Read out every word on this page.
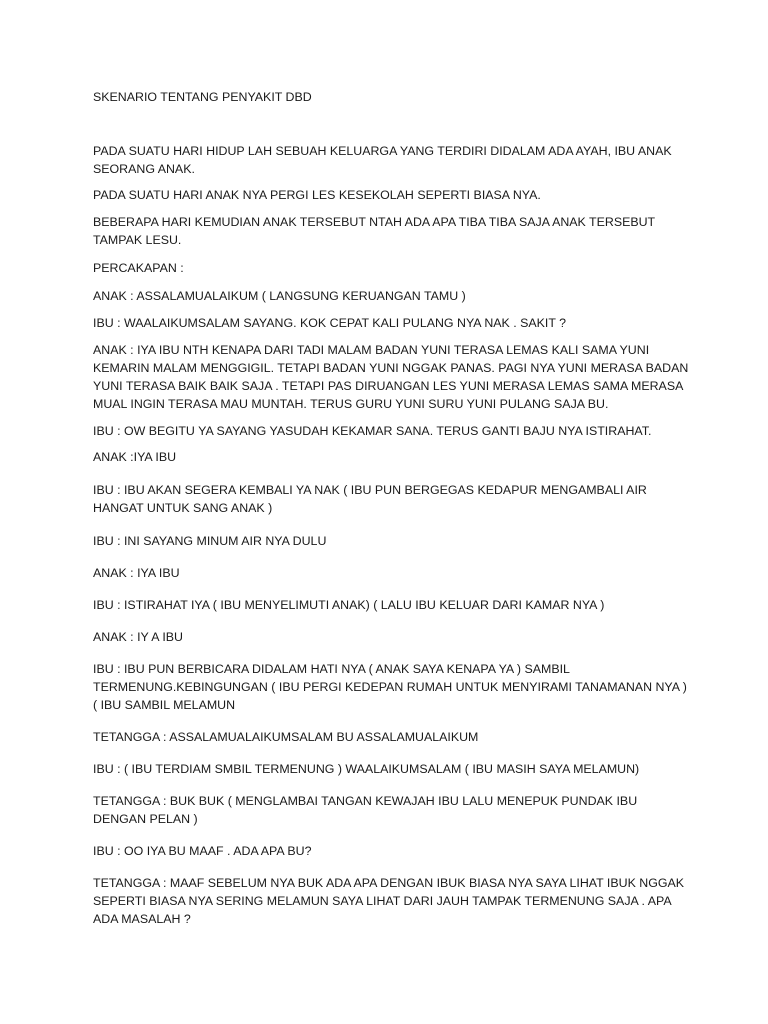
SKENARIO TENTANG PENYAKIT DBD

PADA SUATU HARI HIDUP LAH SEBUAH KELUARGA YANG TERDIRI DIDALAM ADA AYAH, IBU ANAK
SEORANG ANAK.

PADA SUATU HARI ANAK NYA PERGI LES KESEKOLAH SEPERTI BIASA NYA.

BEBERAPA HARI KEMUDIAN ANAK TERSEBUT NTAH ADA APA TIBA TIBA SAJA ANAK TERSEBUT
TAMPAK LESU.

PERCAKAPAN :

ANAK : ASSALAMUALAIKUM ( LANGSUNG KERUANGAN TAMU )

IBU : WAALAIKUMSALAM SAYANG. KOK CEPAT KALI PULANG NYA NAK . SAKIT ?

ANAK : IYA IBU NTH KENAPA DARI TADI MALAM BADAN YUNI TERASA LEMAS KALI SAMA YUNI
KEMARIN MALAM MENGGIGIL. TETAPI BADAN YUNI NGGAK PANAS. PAGI NYA YUNI MERASA BADAN
YUNI TERASA BAIK BAIK SAJA . TETAPI PAS DIRUANGAN LES YUNI MERASA LEMAS SAMA MERASA
MUAL INGIN TERASA MAU MUNTAH. TERUS GURU YUNI SURU YUNI PULANG SAJA BU.

IBU : OW BEGITU YA SAYANG YASUDAH KEKAMAR SANA. TERUS GANTI BAJU NYA ISTIRAHAT.

ANAK :IYA IBU

IBU : IBU AKAN SEGERA KEMBALI YA NAK ( IBU PUN BERGEGAS KEDAPUR MENGAMBALI AIR
HANGAT UNTUK SANG ANAK )

IBU : INI SAYANG MINUM AIR NYA DULU

ANAK : IYA IBU

IBU : ISTIRAHAT IYA ( IBU MENYELIMUTI ANAK) ( LALU IBU KELUAR DARI KAMAR NYA )

ANAK : IY A IBU

IBU : IBU PUN BERBICARA DIDALAM HATI NYA ( ANAK SAYA KENAPA YA ) SAMBIL
TERMENUNG.KEBINGUNGAN ( IBU PERGI KEDEPAN RUMAH UNTUK MENYIRAMI TANAMANAN NYA )
( IBU SAMBIL MELAMUN

TETANGGA : ASSALAMUALAIKUMSALAM BU ASSALAMUALAIKUM

IBU : ( IBU TERDIAM SMBIL TERMENUNG ) WAALAIKUMSALAM ( IBU MASIH SAYA MELAMUN)

TETANGGA : BUK BUK ( MENGLAMBAI TANGAN KEWAJAH IBU LALU MENEPUK PUNDAK IBU
DENGAN PELAN )

IBU : OO IYA BU MAAF . ADA APA BU?

TETANGGA : MAAF SEBELUM NYA BUK ADA APA DENGAN IBUK BIASA NYA SAYA LIHAT IBUK NGGAK
SEPERTI BIASA NYA SERING MELAMUN SAYA LIHAT DARI JAUH TAMPAK TERMENUNG SAJA . APA
ADA MASALAH ?
